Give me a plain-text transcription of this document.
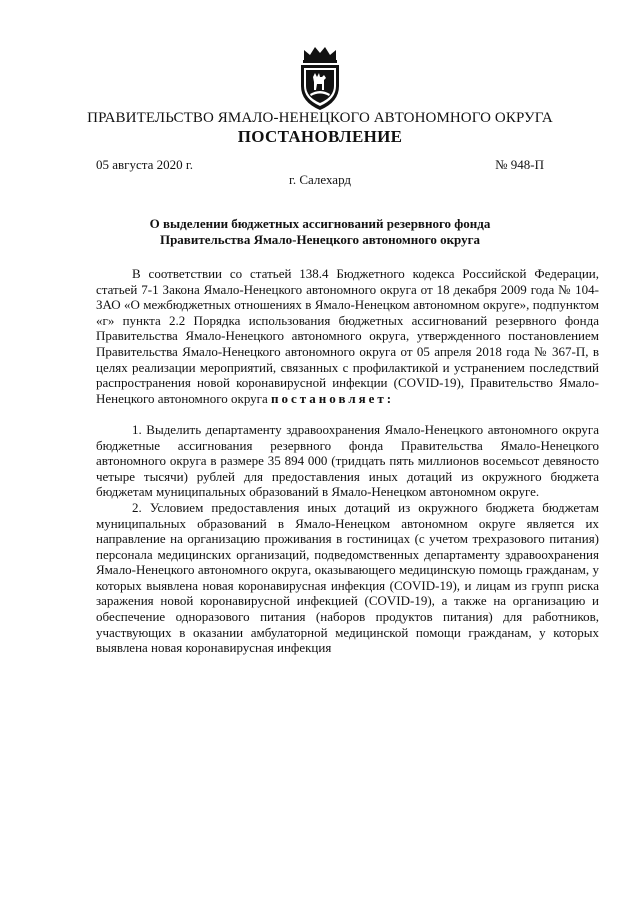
ПРАВИТЕЛЬСТВО ЯМАЛО-НЕНЕЦКОГО АВТОНОМНОГО ОКРУГА
ПОСТАНОВЛЕНИЕ
05 августа 2020 г.	№ 948-П
г. Салехард
О выделении бюджетных ассигнований резервного фонда
Правительства Ямало-Ненецкого автономного округа

В соответствии со статьей 138.4 Бюджетного кодекса Российской Федерации, статьей 7-1 Закона Ямало-Ненецкого автономного округа от 18 декабря 2009 года № 104-ЗАО «О межбюджетных отношениях в Ямало-Ненецком автономном округе», подпунктом «г» пункта 2.2 Порядка использования бюджетных ассигнований резервного фонда Правительства Ямало-Ненецкого автономного округа, утвержденного постановлением Правительства Ямало-Ненецкого автономного округа от 05 апреля 2018 года № 367-П, в целях реализации мероприятий, связанных с профилактикой и устранением последствий распространения новой коронавирусной инфекции (COVID-19), Правительство Ямало-Ненецкого автономного округа постановляет:

1. Выделить департаменту здравоохранения Ямало-Ненецкого автономного округа бюджетные ассигнования резервного фонда Правительства Ямало-Ненецкого автономного округа в размере 35 894 000 (тридцать пять миллионов восемьсот девяносто четыре тысячи) рублей для предоставления иных дотаций из окружного бюджета бюджетам муниципальных образований в Ямало-Ненецком автономном округе.

2. Условием предоставления иных дотаций из окружного бюджета бюджетам муниципальных образований в Ямало-Ненецком автономном округе является их направление на организацию проживания в гостиницах (с учетом трехразового питания) персонала медицинских организаций, подведомственных департаменту здравоохранения Ямало-Ненецкого автономного округа, оказывающего медицинскую помощь гражданам, у которых выявлена новая коронавирусная инфекция (COVID-19), и лицам из групп риска заражения новой коронавирусной инфекцией (COVID-19), а также на организацию и обеспечение одноразового питания (наборов продуктов питания) для работников, участвующих в оказании амбулаторной медицинской помощи гражданам, у которых выявлена новая коронавирусная инфекция
